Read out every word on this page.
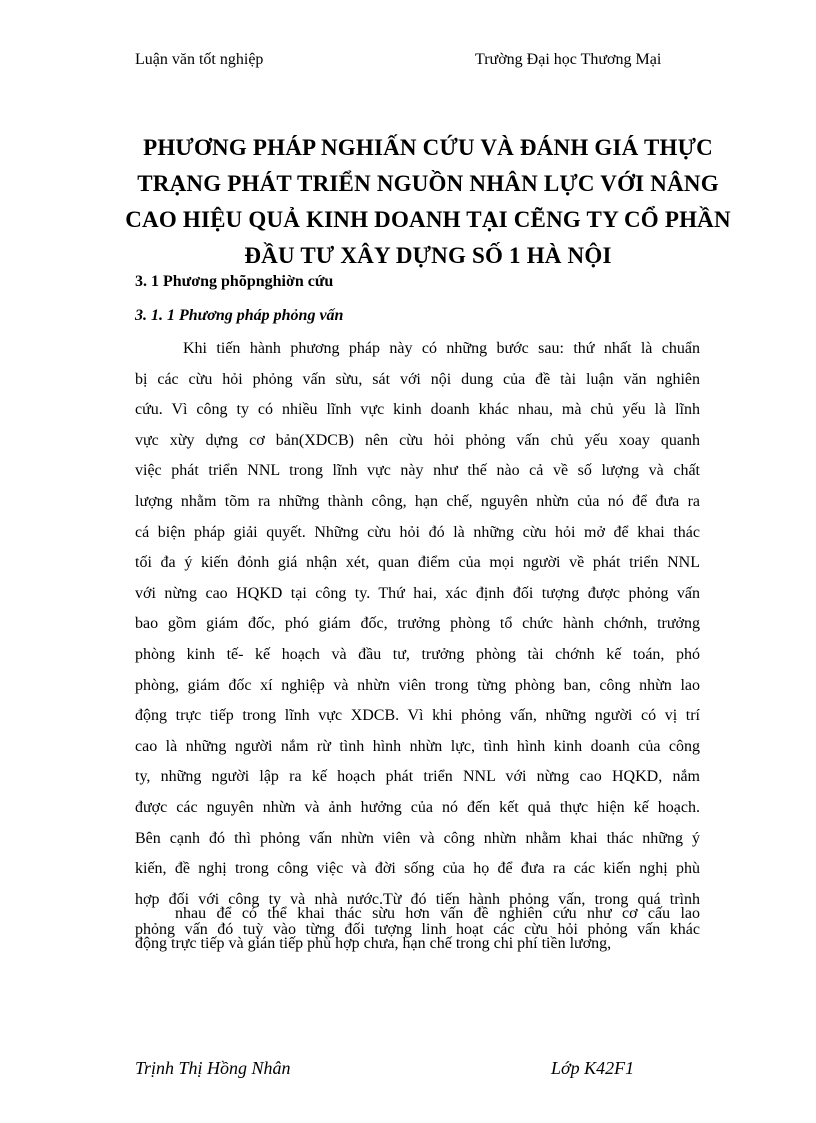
Luận văn tốt nghiệp	Trường Đại học Thương Mại
PHƯƠNG PHÁP NGHIẤN CỨU VÀ ĐÁNH GIÁ THỰC
TRẠNG PHÁT TRIỂN NGUỒN NHÂN LỰC VỚI NÂNG
CAO HIỆU QUẢ KINH DOANH TẠI CẼNG TY CỔ PHẦN
ĐẦU TƯ XÂY DỰNG SỐ 1 HÀ NỘI
3. 1 Phương phõpnghiờn cứu
3. 1. 1 Phương pháp phỏng vấn
Khi tiến hành phương pháp này có những bước sau: thứ nhất là chuẩn
bị các cừu hỏi phỏng vấn sừu, sát với nội dung của đề tài luận văn nghiên
cứu. Vì công ty có nhiều lĩnh vực kinh doanh khác nhau, mà chủ yếu là lĩnh
vực xừy dựng cơ bản(XDCB) nên cừu hỏi phỏng vấn chủ yếu xoay quanh
việc phát triển NNL trong lĩnh vực này như thế nào cả về số lượng và chất
lượng nhằm tõm ra những thành công, hạn chế, nguyên nhừn của nó để đưa ra
cá biện pháp giải quyết. Những cừu hỏi đó là những cừu hỏi mở để khai thác
tối đa ý kiến đỏnh giá nhận xét, quan điểm của mọi người về phát triển NNL
với nừng cao HQKD tại công ty. Thứ hai, xác định đối tượng được phỏng vấn
bao gồm giám đốc, phó giám đốc, trưởng phòng tổ chức hành chớnh, trưởng
phòng kinh tế- kế hoạch và đầu tư, trưởng phòng tài chớnh kế toán, phó
phòng, giám đốc xí nghiệp và nhừn viên trong từng phòng ban, công nhừn lao
động trực tiếp trong lĩnh vực XDCB. Vì khi phỏng vấn, những người có vị trí
cao là những người nắm rừ tình hình nhừn lực, tình hình kinh doanh của công
ty, những người lập ra kế hoạch phát triển NNL với nừng cao HQKD, nắm
được các nguyên nhừn và ảnh hưởng của nó đến kết quả thực hiện kế hoạch.
Bên cạnh đó thì phỏng vấn nhừn viên và công nhừn nhằm khai thác những ý
kiến, đề nghị trong công việc và đời sống của họ để đưa ra các kiến nghị phù
hợp đối với công ty và nhà nước.Từ đó tiến hành phỏng vấn, trong quá trình
phỏng vấn đó tuỳ vào từng đối tượng linh hoạt các cừu hỏi phỏng vấn khác
nhau để có thể khai thác sừu hơn vấn đề nghiên cứu như cơ cấu lao
động trực tiếp và gián tiếp phù hợp chưa, hạn chế trong chi phí tiền lương,
Trịnh Thị Hồng Nhân	Lớp K42F1
